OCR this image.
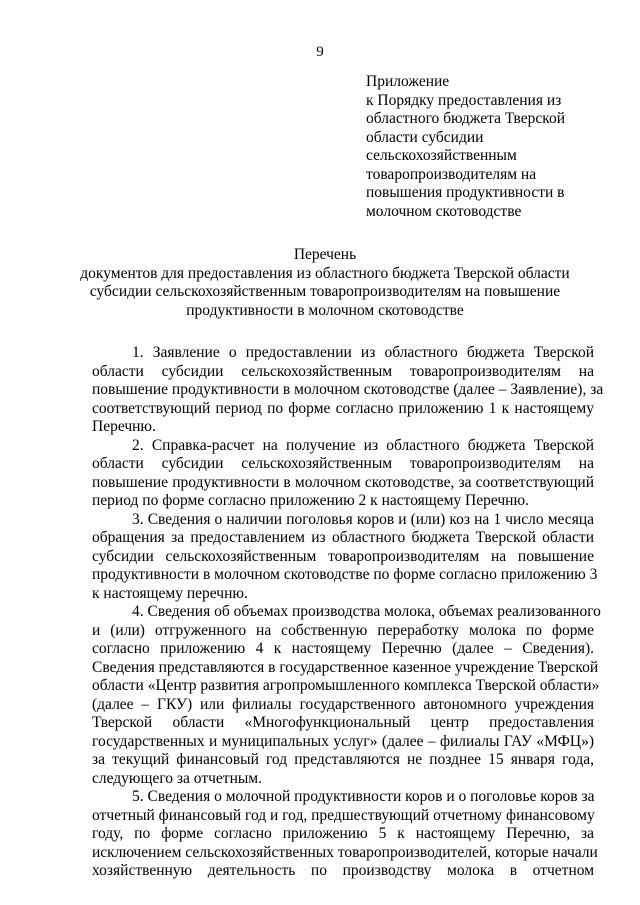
9

Приложение
к Порядку предоставления из
областного бюджета Тверской
области субсидии
сельскохозяйственным
товаропроизводителям на
повышения продуктивности в
молочном скотоводстве
Перечень
документов для предоставления из областного бюджета Тверской области
субсидии сельскохозяйственным товаропроизводителям на повышение
продуктивности в молочном скотоводстве
1. Заявление о предоставлении из областного бюджета Тверской
области субсидии сельскохозяйственным товаропроизводителям на
повышение продуктивности в молочном скотоводстве (далее – Заявление), за
соответствующий период по форме согласно приложению 1 к настоящему
Перечню.
2. Справка-расчет на получение из областного бюджета Тверской
области субсидии сельскохозяйственным товаропроизводителям на
повышение продуктивности в молочном скотоводстве, за соответствующий
период по форме согласно приложению 2 к настоящему Перечню.
3. Сведения о наличии поголовья коров и (или) коз на 1 число месяца
обращения за предоставлением из областного бюджета Тверской области
субсидии сельскохозяйственным товаропроизводителям на повышение
продуктивности в молочном скотоводстве по форме согласно приложению 3
к настоящему перечню.
4. Сведения об объемах производства молока, объемах реализованного
и (или) отгруженного на собственную переработку молока по форме
согласно приложению 4 к настоящему Перечню (далее – Сведения).
Сведения представляются в государственное казенное учреждение Тверской
области «Центр развития агропромышленного комплекса Тверской области»
(далее – ГКУ) или филиалы государственного автономного учреждения
Тверской области «Многофункциональный центр предоставления
государственных и муниципальных услуг» (далее – филиалы ГАУ «МФЦ»)
за текущий финансовый год представляются не позднее 15 января года,
следующего за отчетным.
5. Сведения о молочной продуктивности коров и о поголовье коров за
отчетный финансовый год и год, предшествующий отчетному финансовому
году, по форме согласно приложению 5 к настоящему Перечню, за
исключением сельскохозяйственных товаропроизводителей, которые начали
хозяйственную деятельность по производству молока в отчетном
